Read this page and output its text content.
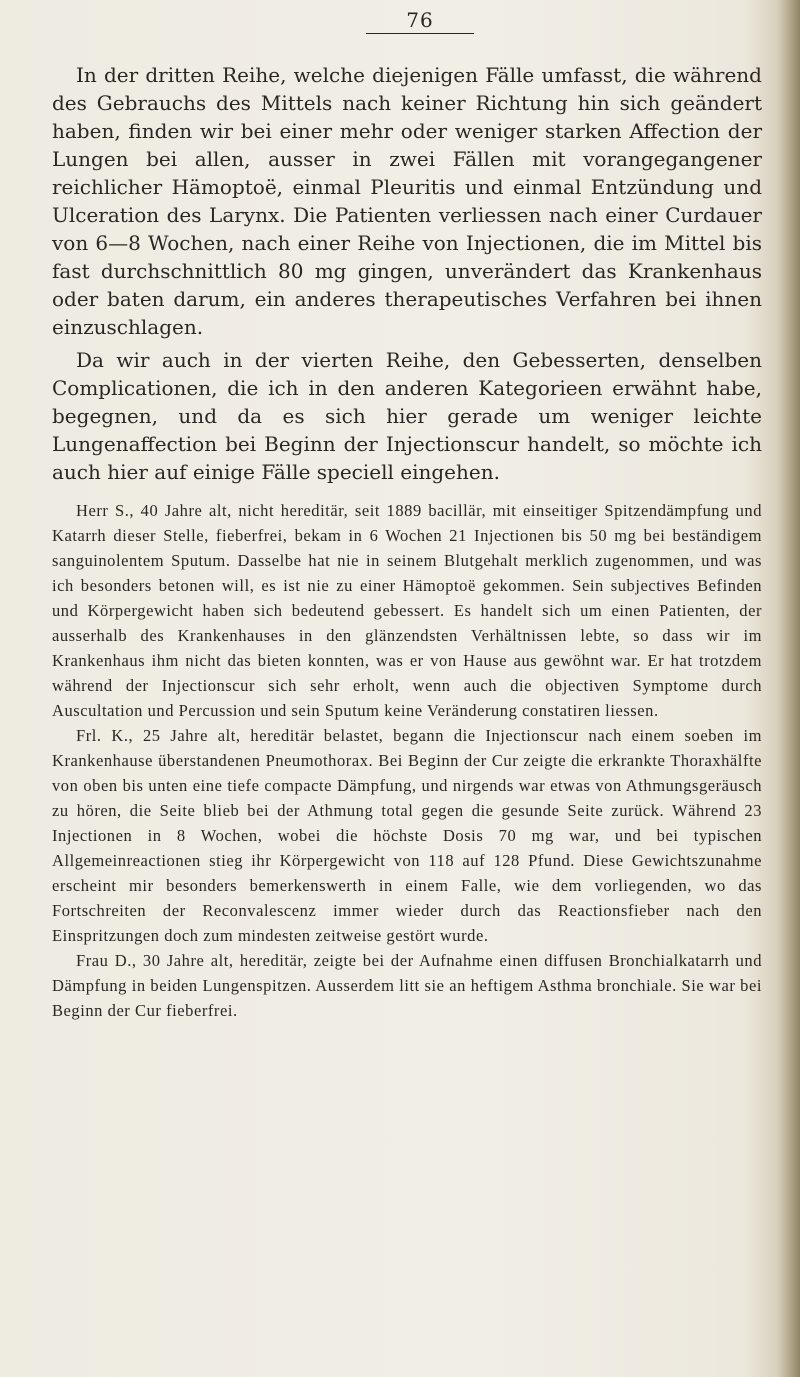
76

In der dritten Reihe, welche diejenigen Fälle umfasst, die während des Gebrauchs des Mittels nach keiner Richtung hin sich geändert haben, finden wir bei einer mehr oder weniger starken Affection der Lungen bei allen, ausser in zwei Fällen mit vorangegangener reichlicher Hämoptoë, einmal Pleuritis und einmal Entzündung und Ulceration des Larynx. Die Patienten verliessen nach einer Curdauer von 6—8 Wochen, nach einer Reihe von Injectionen, die im Mittel bis fast durchschnittlich 80 mg gingen, unverändert das Krankenhaus oder baten darum, ein anderes therapeutisches Verfahren bei ihnen einzuschlagen.

Da wir auch in der vierten Reihe, den Gebesserten, denselben Complicationen, die ich in den anderen Kategorieen erwähnt habe, begegnen, und da es sich hier gerade um weniger leichte Lungenaffection bei Beginn der Injectionscur handelt, so möchte ich auch hier auf einige Fälle speciell eingehen.

Herr S., 40 Jahre alt, nicht hereditär, seit 1889 bacillär, mit einseitiger Spitzendämpfung und Katarrh dieser Stelle, fieberfrei, bekam in 6 Wochen 21 Injectionen bis 50 mg bei beständigem sanguinolentem Sputum. Dasselbe hat nie in seinem Blutgehalt merklich zugenommen, und was ich besonders betonen will, es ist nie zu einer Hämoptoë gekommen. Sein subjectives Befinden und Körpergewicht haben sich bedeutend gebessert. Es handelt sich um einen Patienten, der ausserhalb des Krankenhauses in den glänzendsten Verhältnissen lebte, so dass wir im Krankenhaus ihm nicht das bieten konnten, was er von Hause aus gewöhnt war. Er hat trotzdem während der Injectionscur sich sehr erholt, wenn auch die objectiven Symptome durch Auscultation und Percussion und sein Sputum keine Veränderung constatiren liessen.

Frl. K., 25 Jahre alt, hereditär belastet, begann die Injectionscur nach einem soeben im Krankenhause überstandenen Pneumothorax. Bei Beginn der Cur zeigte die erkrankte Thoraxhälfte von oben bis unten eine tiefe compacte Dämpfung, und nirgends war etwas von Athmungsgeräusch zu hören, die Seite blieb bei der Athmung total gegen die gesunde Seite zurück. Während 23 Injectionen in 8 Wochen, wobei die höchste Dosis 70 mg war, und bei typischen Allgemeinreactionen stieg ihr Körpergewicht von 118 auf 128 Pfund. Diese Gewichtszunahme erscheint mir besonders bemerkenswerth in einem Falle, wie dem vorliegenden, wo das Fortschreiten der Reconvalescenz immer wieder durch das Reactionsfieber nach den Einspritzungen doch zum mindesten zeitweise gestört wurde.

Frau D., 30 Jahre alt, hereditär, zeigte bei der Aufnahme einen diffusen Bronchialkatarrh und Dämpfung in beiden Lungenspitzen. Ausserdem litt sie an heftigem Asthma bronchiale. Sie war bei Beginn der Cur fieberfrei.
